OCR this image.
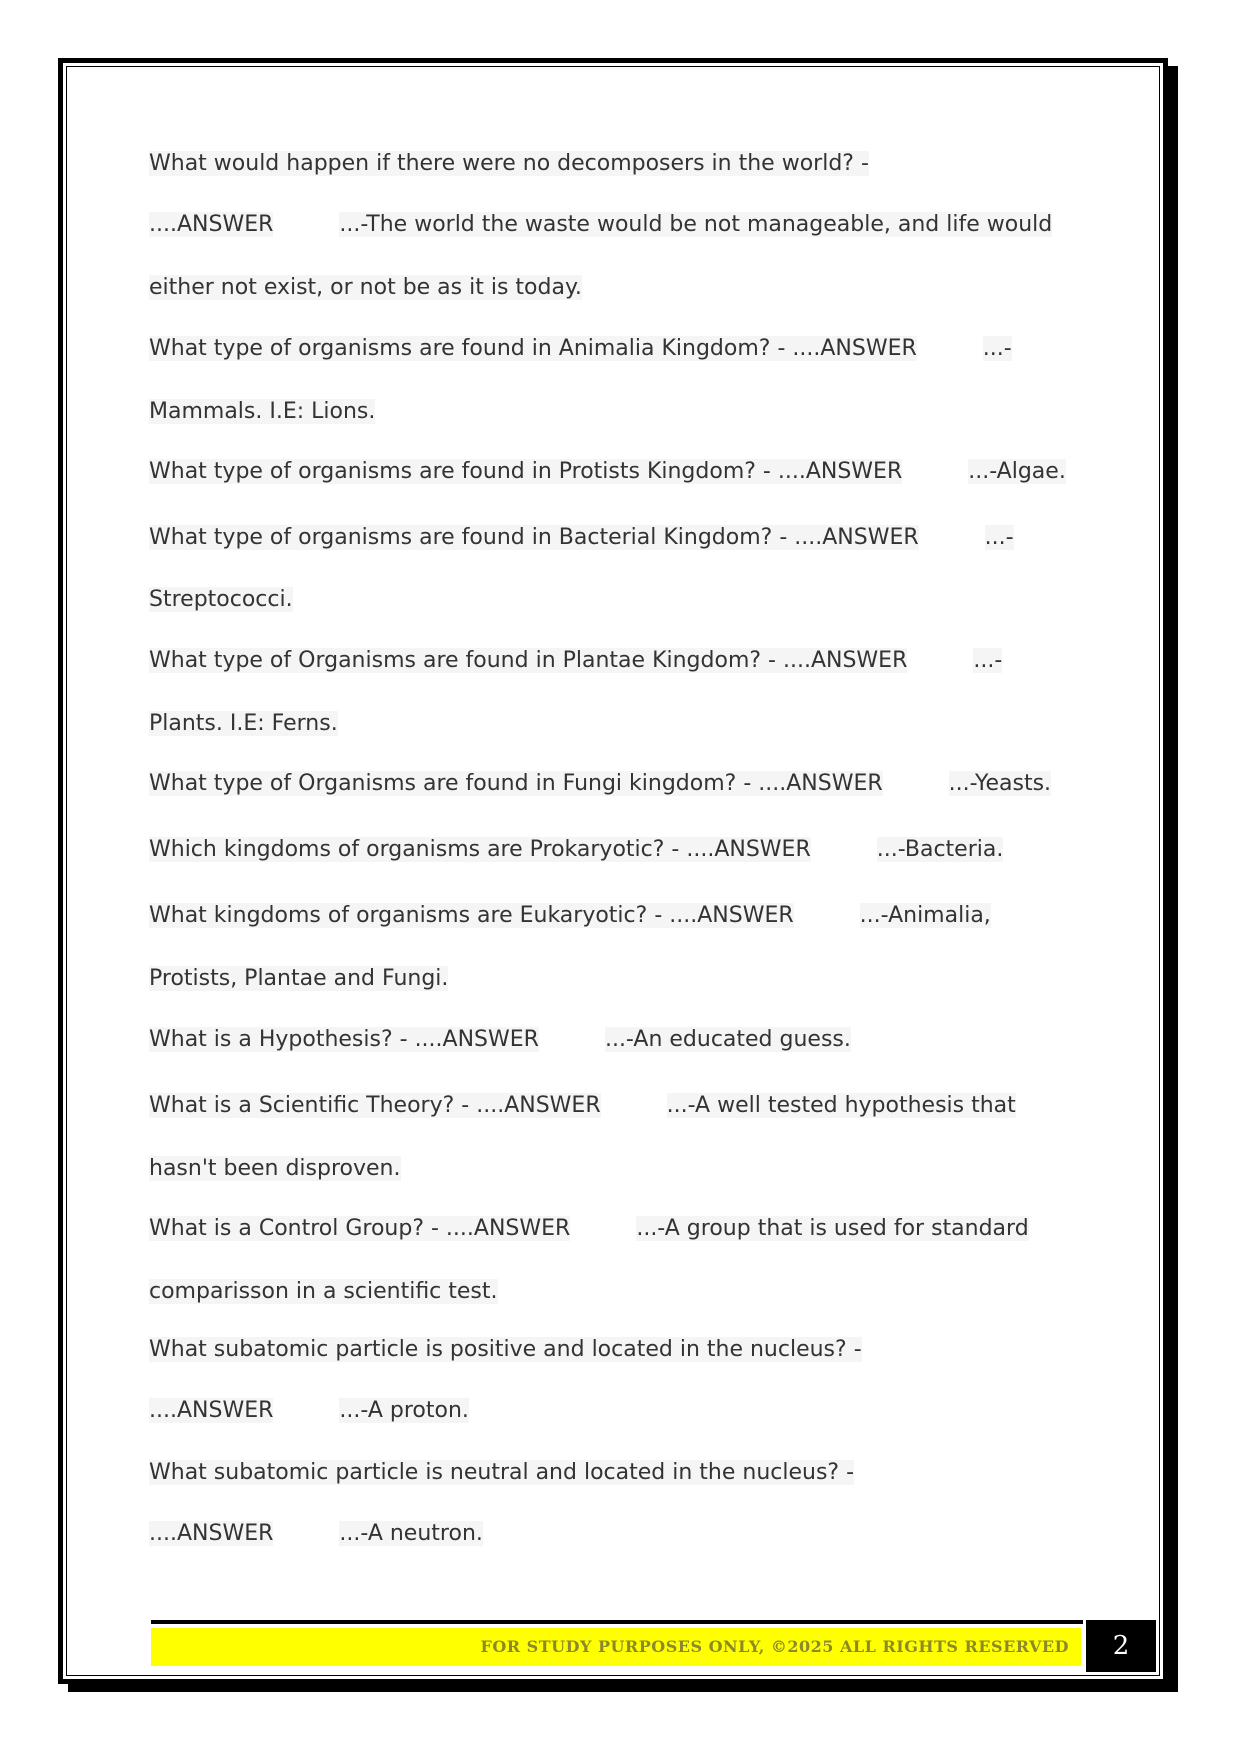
What would happen if there were no decomposers in the world? -
....ANSWER	...-The world the waste would be not manageable, and life would
either not exist, or not be as it is today.
What type of organisms are found in Animalia Kingdom? - ....ANSWER	...-
Mammals. I.E: Lions.
What type of organisms are found in Protists Kingdom? - ....ANSWER	...-Algae.
What type of organisms are found in Bacterial Kingdom? - ....ANSWER	...-
Streptococci.
What type of Organisms are found in Plantae Kingdom? - ....ANSWER	...-
Plants. I.E: Ferns.
What type of Organisms are found in Fungi kingdom? - ....ANSWER	...-Yeasts.
Which kingdoms of organisms are Prokaryotic? - ....ANSWER	...-Bacteria.
What kingdoms of organisms are Eukaryotic? - ....ANSWER	...-Animalia,
Protists, Plantae and Fungi.
What is a Hypothesis? - ....ANSWER	...-An educated guess.
What is a Scientific Theory? - ....ANSWER	...-A well tested hypothesis that
hasn't been disproven.
What is a Control Group? - ....ANSWER	...-A group that is used for standard
comparisson in a scientific test.
What subatomic particle is positive and located in the nucleus? -
....ANSWER	...-A proton.
What subatomic particle is neutral and located in the nucleus? -
....ANSWER	...-A neutron.
FOR STUDY PURPOSES ONLY, ©2025 ALL RIGHTS RESERVED	2
